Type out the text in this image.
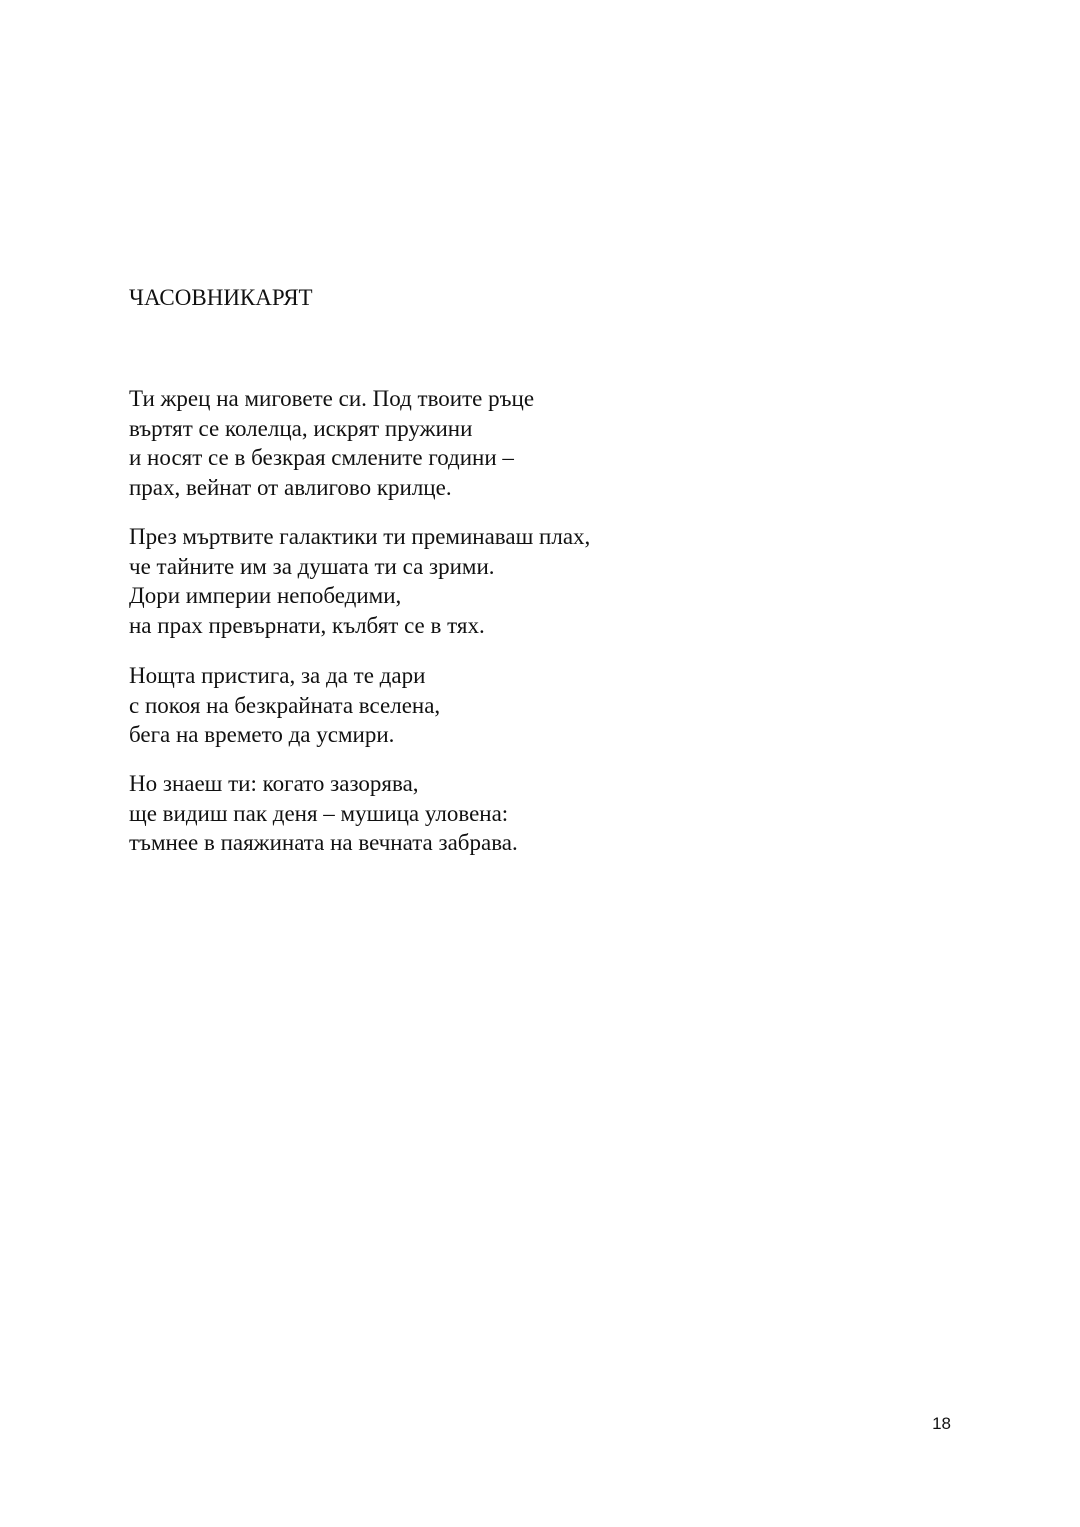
ЧАСОВНИКАРЯТ
Ти жрец на миговете си. Под твоите ръце
въртят се колелца, искрят пружини
и носят се в безкрая смлените години –
прах, вейнат от авлигово крилце.
През мъртвите галактики ти преминаваш плах,
че тайните им за душата ти са зрими.
Дори империи непобедими,
на прах превърнати, кълбят се в тях.
Нощта пристига, за да те дари
с покоя на безкрайната вселена,
бега на времето да усмири.
Но знаеш ти: когато зазорява,
ще видиш пак деня – мушица уловена:
тъмнее в паяжината на вечната забрава.
18
